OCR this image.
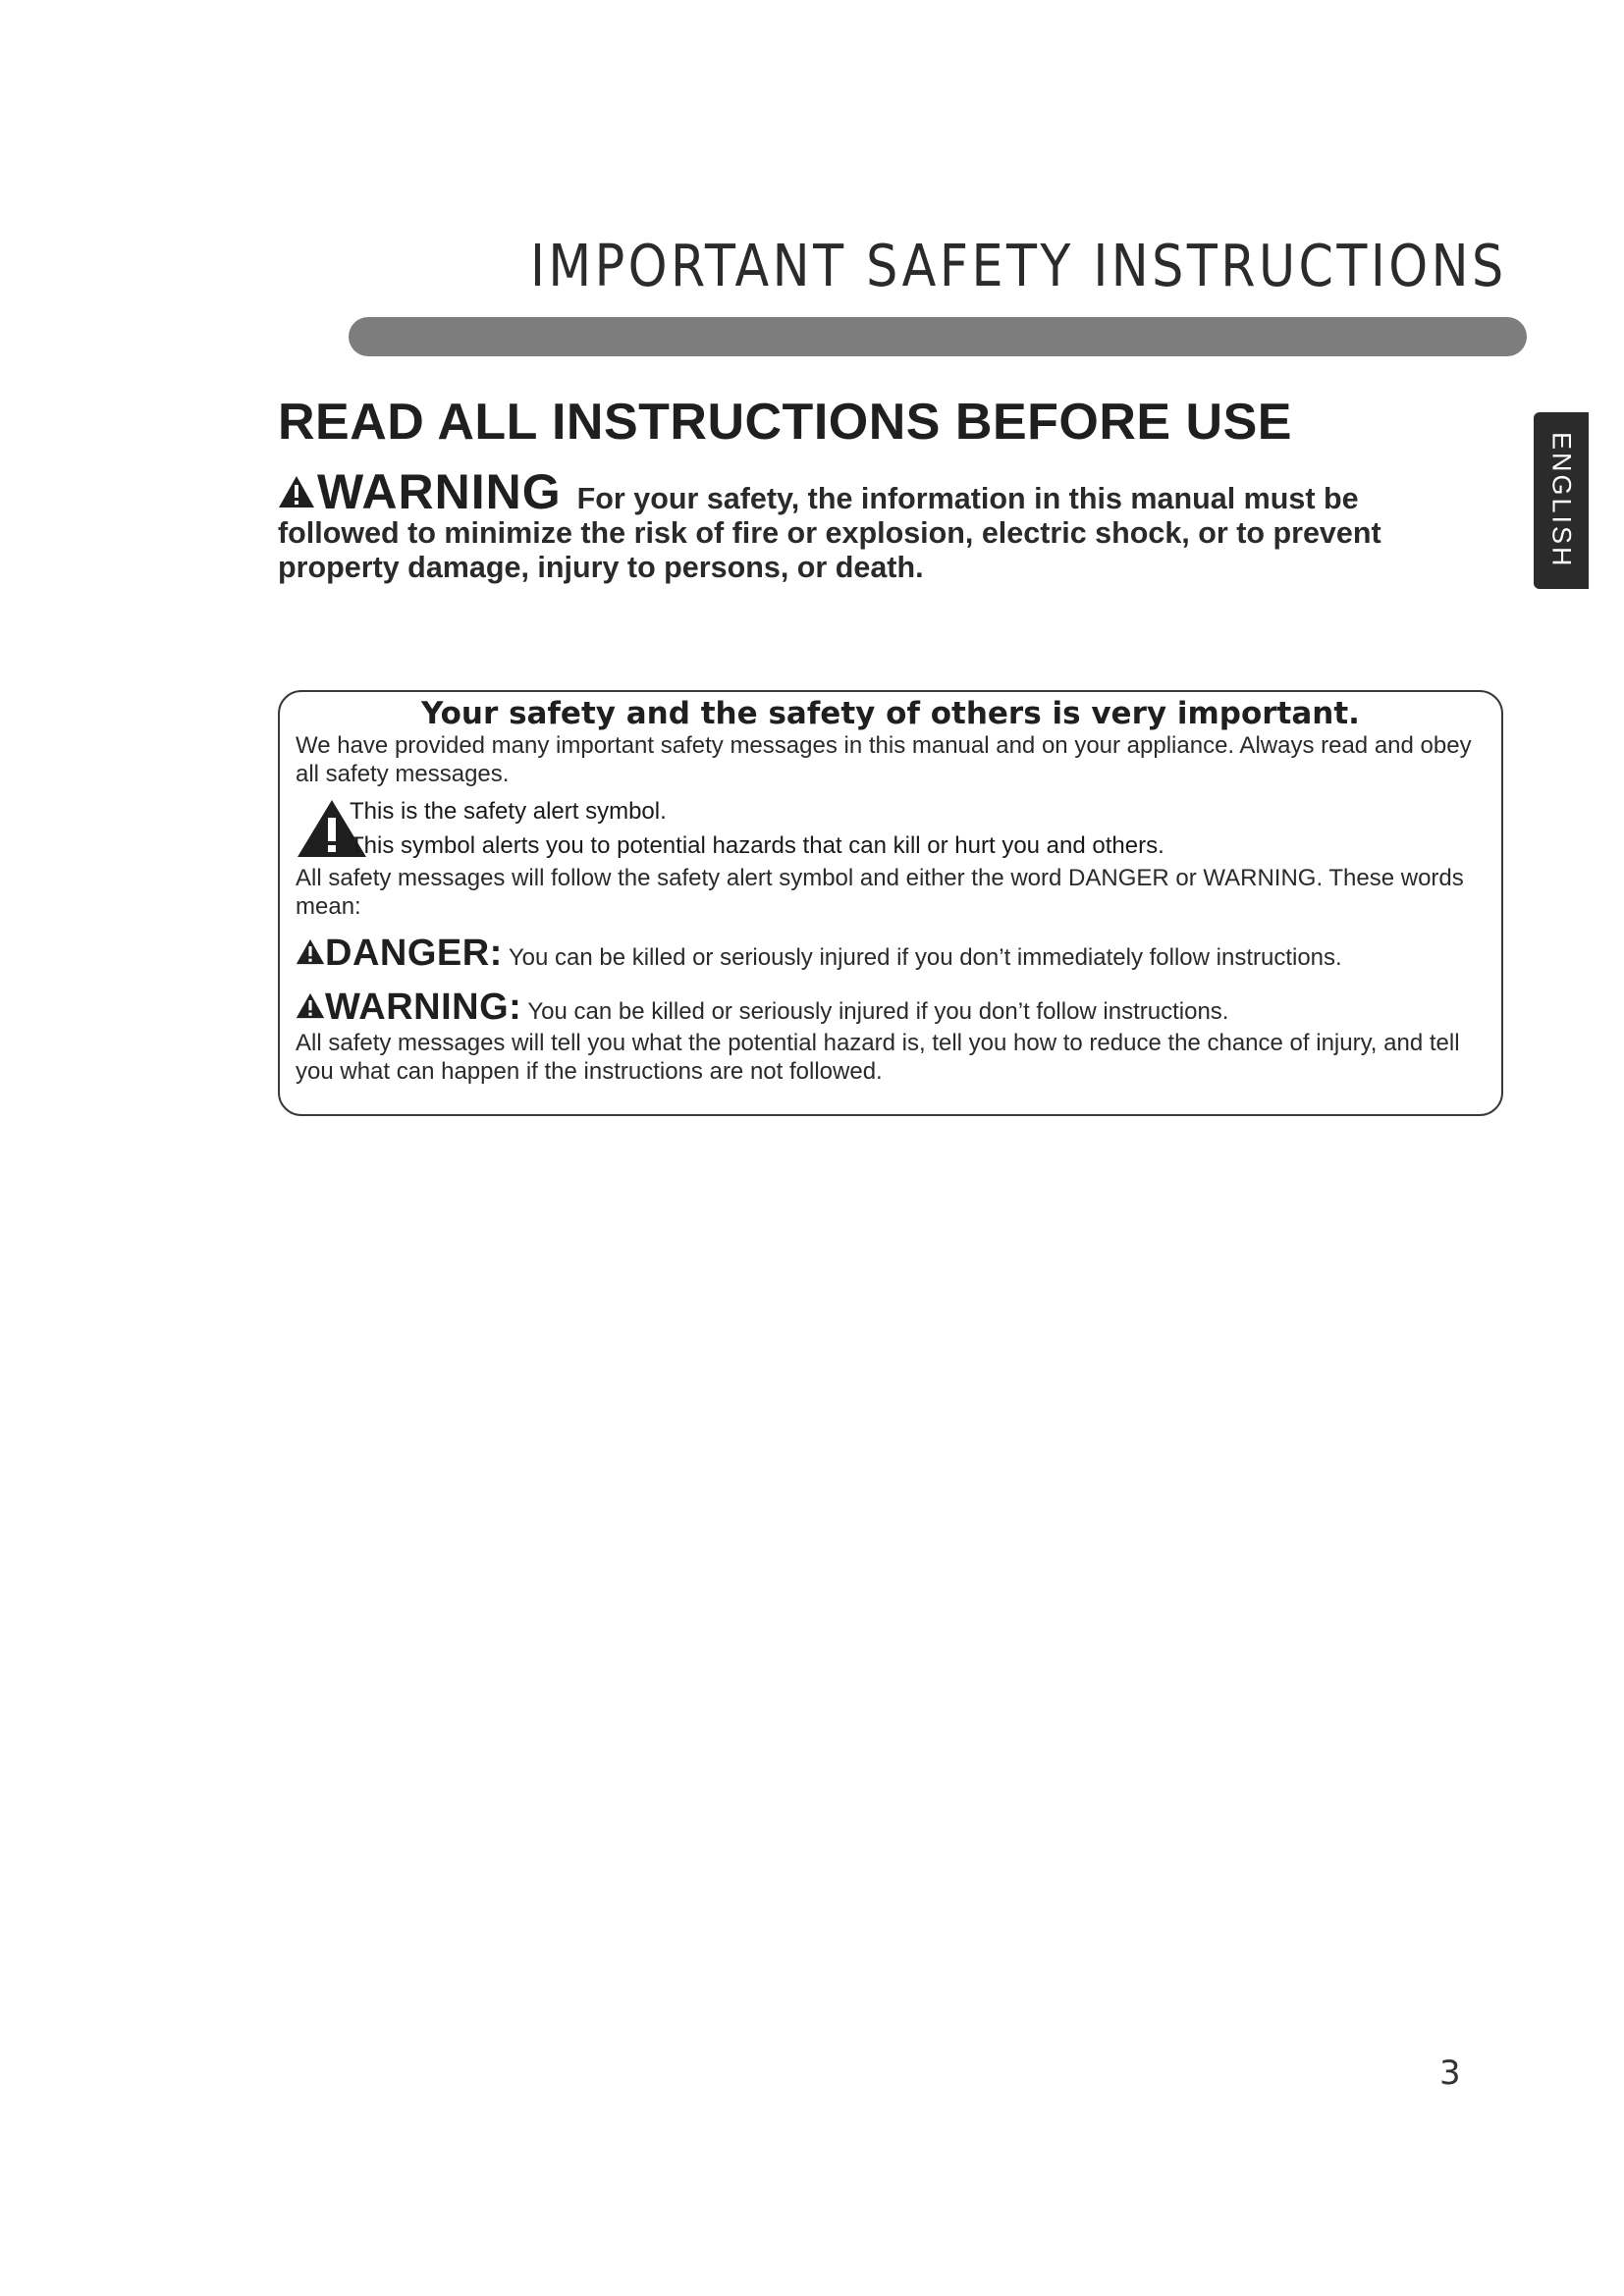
IMPORTANT SAFETY INSTRUCTIONS
ENGLISH
READ ALL INSTRUCTIONS BEFORE USE
WARNING For your safety, the information in this manual must be followed to minimize the risk of fire or explosion, electric shock, or to prevent property damage, injury to persons, or death.
Your safety and the safety of others is very important.

We have provided many important safety messages in this manual and on your appliance. Always read and obey all safety messages.

This is the safety alert symbol.
This symbol alerts you to potential hazards that can kill or hurt you and others.

All safety messages will follow the safety alert symbol and either the word DANGER or WARNING. These words mean:

DANGER: You can be killed or seriously injured if you don’t immediately follow instructions.
WARNING: You can be killed or seriously injured if you don’t follow instructions.

All safety messages will tell you what the potential hazard is, tell you how to reduce the chance of injury, and tell you what can happen if the instructions are not followed.

3
